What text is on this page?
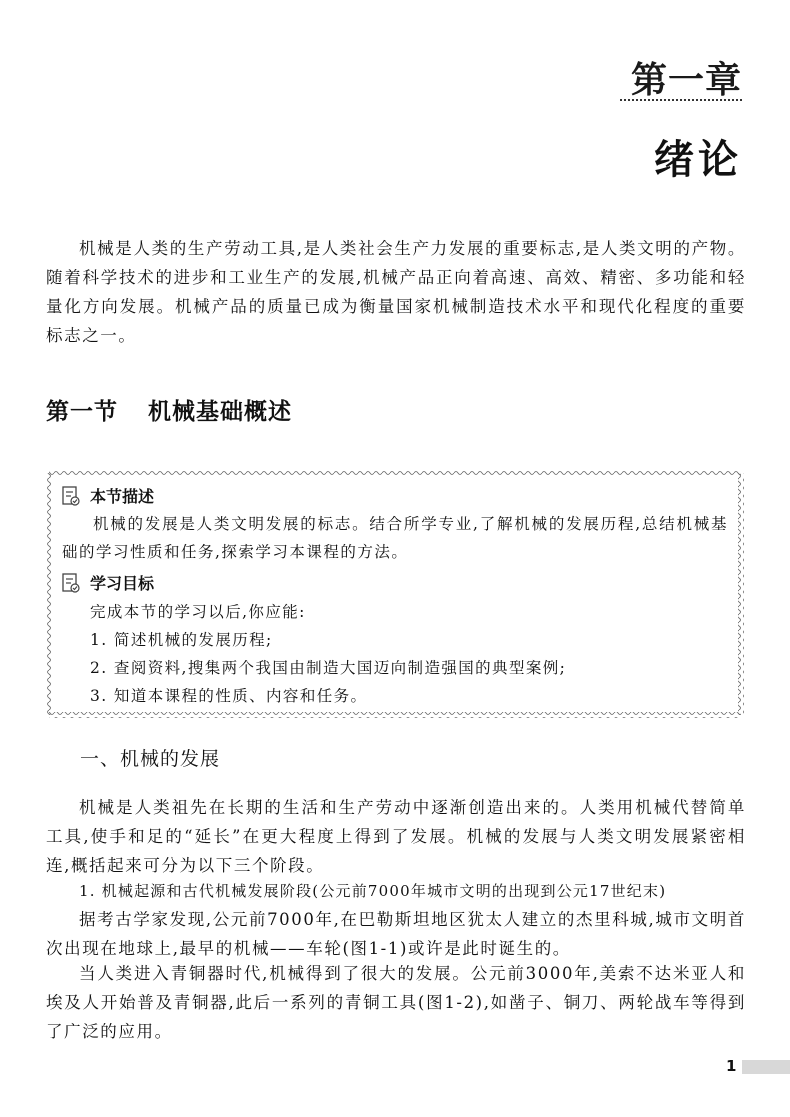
第一章
绪论
机械是人类的生产劳动工具,是人类社会生产力发展的重要标志,是人类文明的产物。随着科学技术的进步和工业生产的发展,机械产品正向着高速、高效、精密、多功能和轻量化方向发展。机械产品的质量已成为衡量国家机械制造技术水平和现代化程度的重要标志之一。
第一节 机械基础概述
本节描述
机械的发展是人类文明发展的标志。结合所学专业,了解机械的发展历程,总结机械基础的学习性质和任务,探索学习本课程的方法。
学习目标
完成本节的学习以后,你应能:
1. 简述机械的发展历程;
2. 查阅资料,搜集两个我国由制造大国迈向制造强国的典型案例;
3. 知道本课程的性质、内容和任务。
一、机械的发展
机械是人类祖先在长期的生活和生产劳动中逐渐创造出来的。人类用机械代替简单工具,使手和足的“延长”在更大程度上得到了发展。机械的发展与人类文明发展紧密相连,概括起来可分为以下三个阶段。
1. 机械起源和古代机械发展阶段(公元前7000年城市文明的出现到公元17世纪末)
据考古学家发现,公元前7000年,在巴勒斯坦地区犹太人建立的杰里科城,城市文明首次出现在地球上,最早的机械——车轮(图1-1)或许是此时诞生的。
当人类进入青铜器时代,机械得到了很大的发展。公元前3000年,美索不达米亚人和埃及人开始普及青铜器,此后一系列的青铜工具(图1-2),如凿子、铜刀、两轮战车等得到了广泛的应用。
1
